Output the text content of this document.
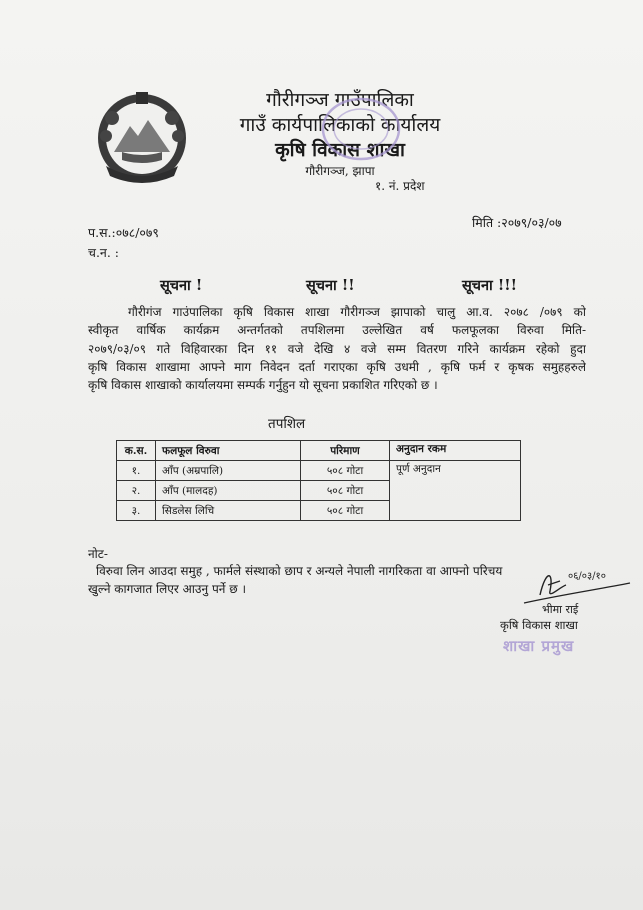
गौरीगञ्ज गाउँपालिका
गाउँ कार्यपालिकाको कार्यालय
कृषि विकास शाखा
गौरीगञ्ज, झापा
१. नं. प्रदेश
प.स.:०७८/०७९
च.न. :
मिति :२०७९/०३/०७
सूचना !	सूचना !!	सूचना !!!
गौरीगंज गाउंपालिका कृषि विकास शाखा गौरीगञ्ज झापाको चालु आ.व. २०७८ /०७९ को
स्वीकृत वार्षिक कार्यक्रम अन्तर्गतको तपशिलमा उल्लेखित वर्ष फलफूलका विरुवा मिति-
२०७९/०३/०९ गते विहिवारका दिन ११ वजे देखि ४ वजे सम्म वितरण गरिने कार्यक्रम रहेको हुदा
कृषि विकास शाखामा आफ्ने माग निवेदन दर्ता गराएका कृषि उधमी , कृषि फर्म र कृषक समुहहरुले
कृषि विकास शाखाको कार्यालयमा सम्पर्क गर्नुहुन यो सूचना प्रकाशित गरिएको छ ।
तपशिल
क.स.	फलफूल विरुवा	परिमाण	अनुदान रकम
१.	आँप (अम्रपालि)	५०८ गोटा	पूर्ण अनुदान
२.	आँप (मालदह)	५०८ गोटा	
३.	सिडलेस लिचि	५०८ गोटा	
नोट-
विरुवा लिन आउदा समुह , फार्मले संस्थाको छाप र अन्यले नेपाली नागरिकता वा आफ्नो परिचय
खुल्ने कागजात लिएर आउनु पर्ने छ ।
०६/०३/१०
भीमा राई
कृषि विकास शाखा
शाखा प्रमुख
